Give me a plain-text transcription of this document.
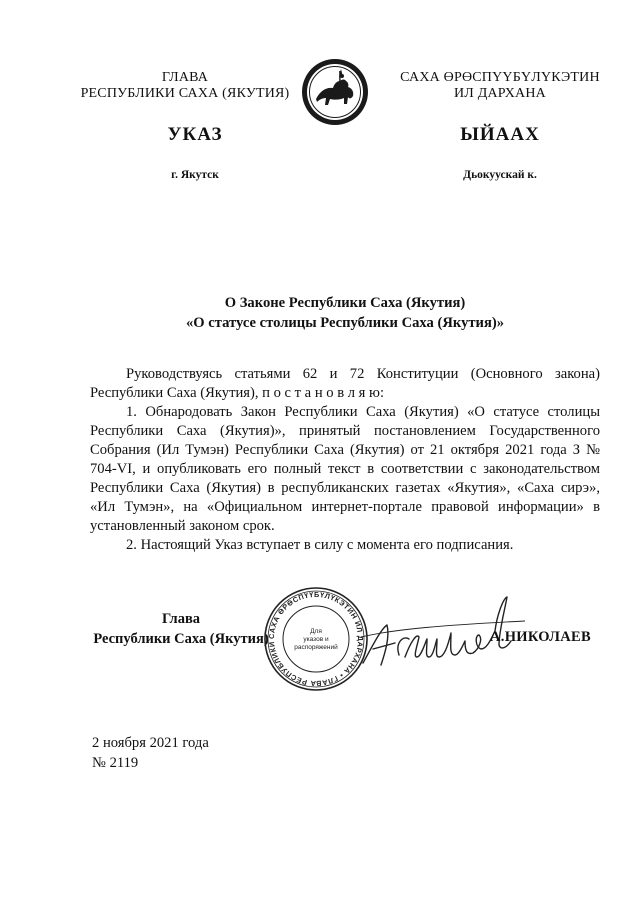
ГЛАВА
РЕСПУБЛИКИ САХА (ЯКУТИЯ)
САХА ӨРӨСПҮҮБҮЛҮКЭТИН
ИЛ ДАРХАНА
УКАЗ	ЫЙААХ
г. Якутск	Дьокуускай к.
О Законе Республики Саха (Якутия)
«О статусе столицы Республики Саха (Якутия)»

Руководствуясь статьями 62 и 72 Конституции (Основного закона) Республики Саха (Якутия), п о с т а н о в л я ю:

1. Обнародовать Закон Республики Саха (Якутия) «О статусе столицы Республики Саха (Якутия)», принятый постановлением Государственного Собрания (Ил Тумэн) Республики Саха (Якутия) от 21 октября 2021 года З № 704-VI, и опубликовать его полный текст в соответствии с законодательством Республики Саха (Якутия) в республиканских газетах «Якутия», «Саха сирэ», «Ил Тумэн», на «Официальном интернет-портале правовой информации» в установленный законом срок.

2. Настоящий Указ вступает в силу с момента его подписания.

Глава
Республики Саха (Якутия)
САХА ӨРӨСПҮҮБҮЛҮКЭТИН ИЛ ДАРХАНА • ГЛАВА РЕСПУБЛИКИ
Для
указов и
распоряжений
А.НИКОЛАЕВ
2 ноября 2021 года
№ 2119
